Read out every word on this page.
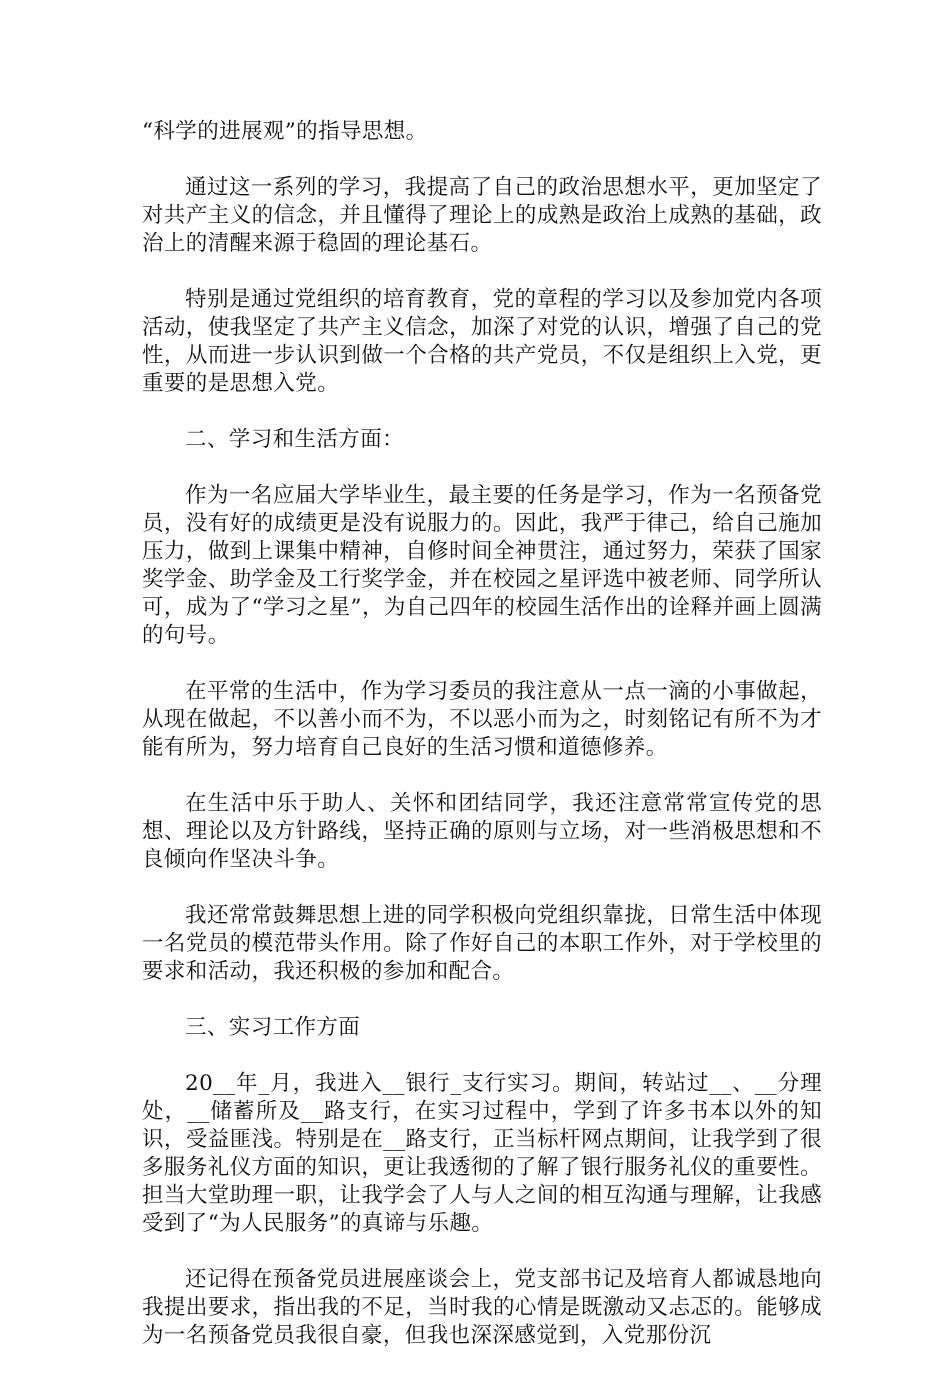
“科学的进展观”的指导思想。

通过这一系列的学习，我提高了自己的政治思想水平，更加坚定了对共产主义的信念，并且懂得了理论上的成熟是政治上成熟的基础，政治上的清醒来源于稳固的理论基石。

特别是通过党组织的培育教育，党的章程的学习以及参加党内各项活动，使我坚定了共产主义信念，加深了对党的认识，增强了自己的党性，从而进一步认识到做一个合格的共产党员，不仅是组织上入党，更重要的是思想入党。

二、学习和生活方面：

作为一名应届大学毕业生，最主要的任务是学习，作为一名预备党员，没有好的成绩更是没有说服力的。因此，我严于律己，给自己施加压力，做到上课集中精神，自修时间全神贯注，通过努力，荣获了国家奖学金、助学金及工行奖学金，并在校园之星评选中被老师、同学所认可，成为了“学习之星”，为自己四年的校园生活作出的诠释并画上圆满的句号。

在平常的生活中，作为学习委员的我注意从一点一滴的小事做起，从现在做起，不以善小而不为，不以恶小而为之，时刻铭记有所不为才能有所为，努力培育自己良好的生活习惯和道德修养。

在生活中乐于助人、关怀和团结同学，我还注意常常宣传党的思想、理论以及方针路线，坚持正确的原则与立场，对一些消极思想和不良倾向作坚决斗争。

我还常常鼓舞思想上进的同学积极向党组织靠拢，日常生活中体现一名党员的模范带头作用。除了作好自己的本职工作外，对于学校里的要求和活动，我还积极的参加和配合。

三、实习工作方面

20__年_月，我进入__银行_支行实习。期间，转站过__、__分理处，__储蓄所及__路支行，在实习过程中，学到了许多书本以外的知识，受益匪浅。特别是在__路支行，正当标杆网点期间，让我学到了很多服务礼仪方面的知识，更让我透彻的了解了银行服务礼仪的重要性。担当大堂助理一职，让我学会了人与人之间的相互沟通与理解，让我感受到了“为人民服务”的真谛与乐趣。

还记得在预备党员进展座谈会上，党支部书记及培育人都诚恳地向我提出要求，指出我的不足，当时我的心情是既激动又忐忑的。能够成为一名预备党员我很自豪，但我也深深感觉到，入党那份沉
